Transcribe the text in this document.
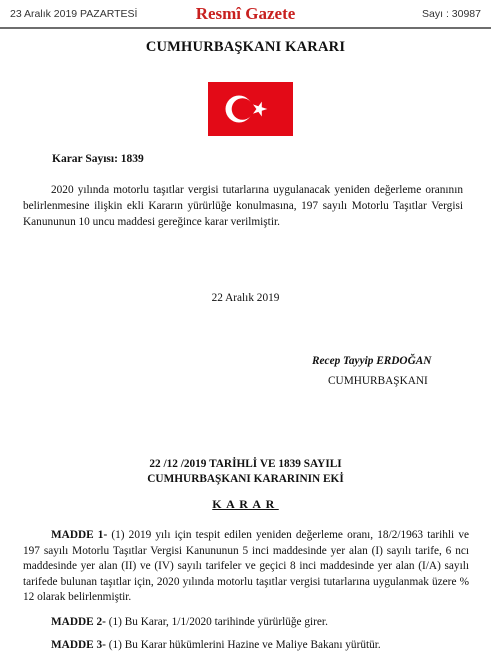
23 Aralık 2019 PAZARTESİ	Resmî Gazete	Sayı : 30987
CUMHURBAŞKANI KARARI
Karar Sayısı: 1839
2020 yılında motorlu taşıtlar vergisi tutarlarına uygulanacak yeniden değerleme oranının belirlenmesine ilişkin ekli Kararın yürürlüğe konulmasına, 197 sayılı Motorlu Taşıtlar Vergisi Kanununun 10 uncu maddesi gereğince karar verilmiştir.
22 Aralık 2019
Recep Tayyip ERDOĞAN
CUMHURBAŞKANI
22 /12 /2019 TARİHLİ VE 1839 SAYILI
CUMHURBAŞKANI KARARININ EKİ
KARAR
MADDE 1- (1) 2019 yılı için tespit edilen yeniden değerleme oranı, 18/2/1963 tarihli ve 197 sayılı Motorlu Taşıtlar Vergisi Kanununun 5 inci maddesinde yer alan (I) sayılı tarife, 6 ncı maddesinde yer alan (II) ve (IV) sayılı tarifeler ve geçici 8 inci maddesinde yer alan (I/A) sayılı tarifede bulunan taşıtlar için, 2020 yılında motorlu taşıtlar vergisi tutarlarına uygulanmak üzere % 12 olarak belirlenmiştir.
MADDE 2- (1) Bu Karar, 1/1/2020 tarihinde yürürlüğe girer.
MADDE 3- (1) Bu Karar hükümlerini Hazine ve Maliye Bakanı yürütür.
